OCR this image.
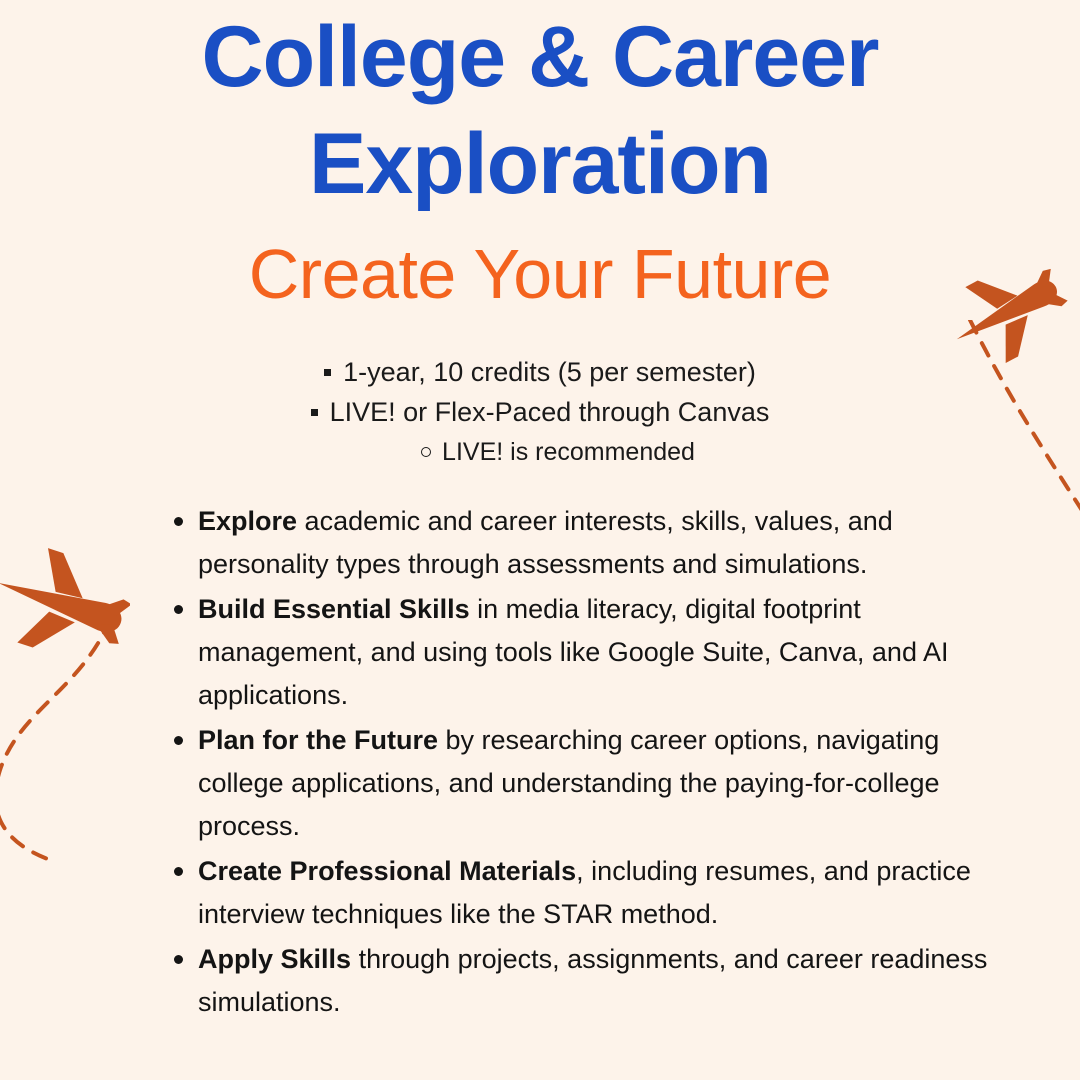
College & Career
Exploration
Create Your Future
1-year, 10 credits (5 per semester)
LIVE! or Flex-Paced through Canvas
LIVE! is recommended
Explore academic and career interests, skills, values, and personality types through assessments and simulations.
Build Essential Skills in media literacy, digital footprint management, and using tools like Google Suite, Canva, and AI applications.
Plan for the Future by researching career options, navigating college applications, and understanding the paying-for-college process.
Create Professional Materials, including resumes, and practice interview techniques like the STAR method.
Apply Skills through projects, assignments, and career readiness simulations.
